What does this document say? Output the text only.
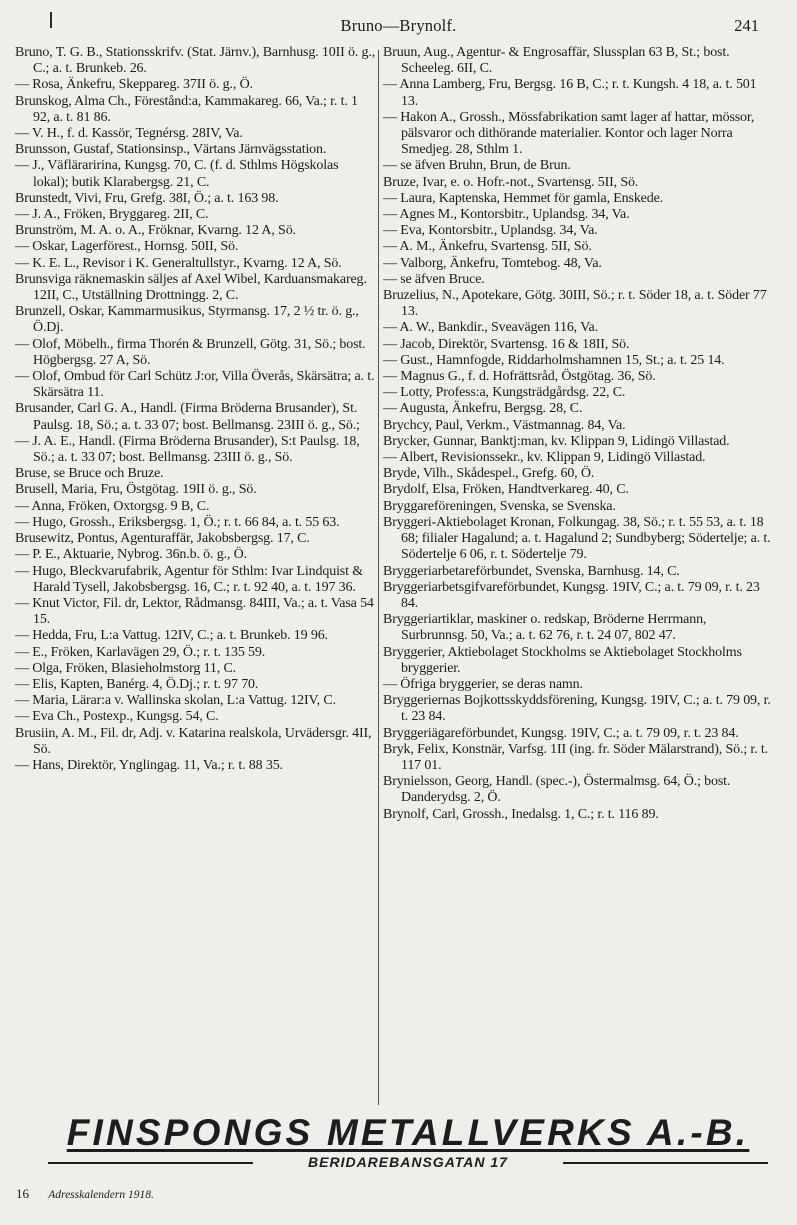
Bruno—Brynolf.	241

Bruno, T. G. B., Stationsskrifv. (Stat. Järnv.), Barnhusg. 10II ö. g., C.; a. t. Brunkeb. 26.

— Rosa, Änkefru, Skeppareg. 37II ö. g., Ö.

Brunskog, Alma Ch., Förestånd:a, Kammakareg. 66, Va.; r. t. 1 92, a. t. 81 86.

— V. H., f. d. Kassör, Tegnérsg. 28IV, Va.

Brunsson, Gustaf, Stationsinsp., Värtans Järnvägsstation.

— J., Väfläraririna, Kungsg. 70, C. (f. d. Sthlms Högskolas lokal); butik Klarabergsg. 21, C.

Brunstedt, Vivi, Fru, Grefg. 38I, Ö.; a. t. 163 98.

— J. A., Fröken, Bryggareg. 2II, C.

Brunström, M. A. o. A., Fröknar, Kvarng. 12 A, Sö.

— Oskar, Lagerförest., Hornsg. 50II, Sö.

— K. E. L., Revisor i K. Generaltullstyr., Kvarng. 12 A, Sö.

Brunsviga räknemaskin säljes af Axel Wibel, Karduansmakareg. 12II, C., Utställning Drottningg. 2, C.

Brunzell, Oskar, Kammarmusikus, Styrmansg. 17, 2 ½ tr. ö. g., Ö.Dj.

— Olof, Möbelh., firma Thorén & Brunzell, Götg. 31, Sö.; bost. Högbergsg. 27 A, Sö.

— Olof, Ombud för Carl Schütz J:or, Villa Överås, Skärsätra; a. t. Skärsätra 11.

Brusander, Carl G. A., Handl. (Firma Bröderna Brusander), St. Paulsg. 18, Sö.; a. t. 33 07; bost. Bellmansg. 23III ö. g., Sö.;

— J. A. E., Handl. (Firma Bröderna Brusander), S:t Paulsg. 18, Sö.; a. t. 33 07; bost. Bellmansg. 23III ö. g., Sö.

Bruse, se Bruce och Bruze.

Brusell, Maria, Fru, Östgötag. 19II ö. g., Sö.

— Anna, Fröken, Oxtorgsg. 9 B, C.

— Hugo, Grossh., Eriksbergsg. 1, Ö.; r. t. 66 84, a. t. 55 63.

Brusewitz, Pontus, Agenturaffär, Jakobsbergsg. 17, C.

— P. E., Aktuarie, Nybrog. 36n.b. ö. g., Ö.

— Hugo, Bleckvarufabrik, Agentur för Sthlm: Ivar Lindquist & Harald Tysell, Jakobsbergsg. 16, C.; r. t. 92 40, a. t. 197 36.

— Knut Victor, Fil. dr, Lektor, Rådmansg. 84III, Va.; a. t. Vasa 54 15.

— Hedda, Fru, L:a Vattug. 12IV, C.; a. t. Brunkeb. 19 96.

— E., Fröken, Karlavägen 29, Ö.; r. t. 135 59.

— Olga, Fröken, Blasieholmstorg 11, C.

— Elis, Kapten, Banérg. 4, Ö.Dj.; r. t. 97 70.

— Maria, Lärar:a v. Wallinska skolan, L:a Vattug. 12IV, C.

— Eva Ch., Postexp., Kungsg. 54, C.

Brusiin, A. M., Fil. dr, Adj. v. Katarina realskola, Urvädersgr. 4II, Sö.

— Hans, Direktör, Ynglingag. 11, Va.; r. t. 88 35.

Bruun, Aug., Agentur- & Engrosaffär, Slussplan 63 B, St.; bost. Scheeleg. 6II, C.

— Anna Lamberg, Fru, Bergsg. 16 B, C.; r. t. Kungsh. 4 18, a. t. 501 13.

— Hakon A., Grossh., Mössfabrikation samt lager af hattar, mössor, pälsvaror och dithörande materialier. Kontor och lager Norra Smedjeg. 28, Sthlm 1.

— se äfven Bruhn, Brun, de Brun.

Bruze, Ivar, e. o. Hofr.-not., Svartensg. 5II, Sö.

— Laura, Kaptenska, Hemmet för gamla, Enskede.

— Agnes M., Kontorsbitr., Uplandsg. 34, Va.

— Eva, Kontorsbitr., Uplandsg. 34, Va.

— A. M., Änkefru, Svartensg. 5II, Sö.

— Valborg, Änkefru, Tomtebog. 48, Va.

— se äfven Bruce.

Bruzelius, N., Apotekare, Götg. 30III, Sö.; r. t. Söder 18, a. t. Söder 77 13.

— A. W., Bankdir., Sveavägen 116, Va.

— Jacob, Direktör, Svartensg. 16 & 18II, Sö.

— Gust., Hamnfogde, Riddarholmshamnen 15, St.; a. t. 25 14.

— Magnus G., f. d. Hofrättsråd, Östgötag. 36, Sö.

— Lotty, Profess:a, Kungsträdgårdsg. 22, C.

— Augusta, Änkefru, Bergsg. 28, C.

Brychcy, Paul, Verkm., Västmannag. 84, Va.

Brycker, Gunnar, Banktj:man, kv. Klippan 9, Lidingö Villastad.

— Albert, Revisionssekr., kv. Klippan 9, Lidingö Villastad.

Bryde, Vilh., Skådespel., Grefg. 60, Ö.

Brydolf, Elsa, Fröken, Handtverkareg. 40, C.

Bryggareföreningen, Svenska, se Svenska.

Bryggeri-Aktiebolaget Kronan, Folkungag. 38, Sö.; r. t. 55 53, a. t. 18 68; filialer Hagalund; a. t. Hagalund 2; Sundbyberg; Södertelje; a. t. Södertelje 6 06, r. t. Södertelje 79.

Bryggeriarbetareförbundet, Svenska, Barnhusg. 14, C.

Bryggeriarbetsgifvareförbundet, Kungsg. 19IV, C.; a. t. 79 09, r. t. 23 84.

Bryggeriartiklar, maskiner o. redskap, Bröderne Herrmann, Surbrunnsg. 50, Va.; a. t. 62 76, r. t. 24 07, 802 47.

Bryggerier, Aktiebolaget Stockholms se Aktiebolaget Stockholms bryggerier.

— Öfriga bryggerier, se deras namn.

Bryggeriernas Bojkottsskyddsförening, Kungsg. 19IV, C.; a. t. 79 09, r. t. 23 84.

Bryggeriägareförbundet, Kungsg. 19IV, C.; a. t. 79 09, r. t. 23 84.

Bryk, Felix, Konstnär, Varfsg. 1II (ing. fr. Söder Mälarstrand), Sö.; r. t. 117 01.

Brynielsson, Georg, Handl. (spec.-), Östermalmsg. 64, Ö.; bost. Danderydsg. 2, Ö.

Brynolf, Carl, Grossh., Inedalsg. 1, C.; r. t. 116 89.

FINSPONGS METALLVERKS A.-B.
BERIDAREBANSGATAN 17
16 Adresskalendern 1918.
